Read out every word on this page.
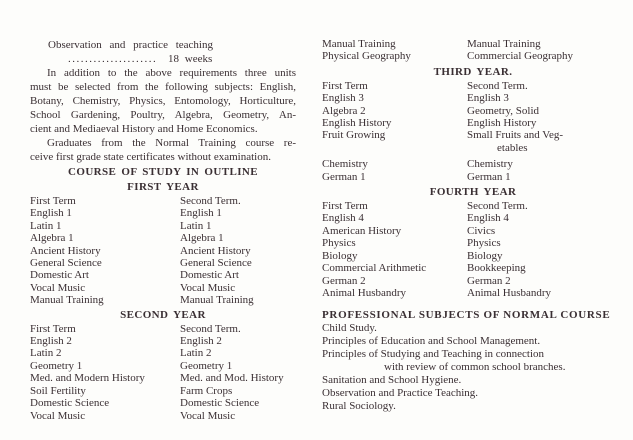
Observation and practice teaching
..................... 18 weeks
In addition to the above requirements three units
must be selected from the following subjects: English,
Botany, Chemistry, Physics, Entomology, Horticulture,
School Gardening, Poultry, Algebra, Geometry, An-
cient and Mediaeval History and Home Economics.
Graduates from the Normal Training course re-
ceive first grade state certificates without examination.
COURSE OF STUDY IN OUTLINE
FIRST YEAR
First Term	Second Term.
English 1	English 1
Latin 1	Latin 1
Algebra 1	Algebra 1
Ancient History	Ancient History
General Science	General Science
Domestic Art	Domestic Art
Vocal Music	Vocal Music
Manual Training	Manual Training
SECOND YEAR
First Term	Second Term.
English 2	English 2
Latin 2	Latin 2
Geometry 1	Geometry 1
Med. and Modern History	Med. and Mod. History
Soil Fertility	Farm Crops
Domestic Science	Domestic Science
Vocal Music	Vocal Music
Manual Training	Manual Training
Physical Geography	Commercial Geography
THIRD YEAR.
First Term	Second Term.
English 3	English 3
Algebra 2	Geometry, Solid
English History	English History
Fruit Growing	Small Fruits and Veg-
etables
Chemistry	Chemistry
German 1	German 1
FOURTH YEAR
First Term	Second Term.
English 4	English 4
American History	Civics
Physics	Physics
Biology	Biology
Commercial Arithmetic	Bookkeeping
German 2	German 2
Animal Husbandry	Animal Husbandry
PROFESSIONAL SUBJECTS OF NORMAL COURSE
Child Study.
Principles of Education and School Management.
Principles of Studying and Teaching in connection
with review of common school branches.
Sanitation and School Hygiene.
Observation and Practice Teaching.
Rural Sociology.
